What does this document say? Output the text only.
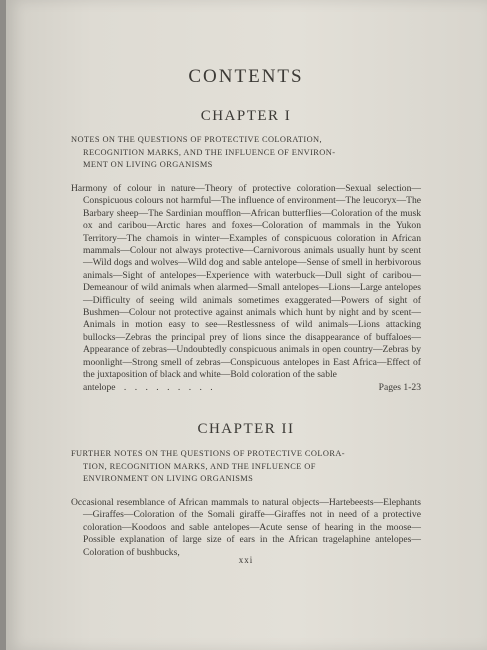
CONTENTS
CHAPTER I
NOTES ON THE QUESTIONS OF PROTECTIVE COLORATION,
RECOGNITION MARKS, AND THE INFLUENCE OF ENVIRON-
MENT ON LIVING ORGANISMS
Harmony of colour in nature—Theory of protective coloration—Sexual selection—Conspicuous colours not harmful—The influence of environment—The leucoryx—The Barbary sheep—The Sardinian moufflon—African butterflies—Coloration of the musk ox and caribou—Arctic hares and foxes—Coloration of mammals in the Yukon Territory—The chamois in winter—Examples of conspicuous coloration in African mammals—Colour not always protective—Carnivorous animals usually hunt by scent—Wild dogs and wolves—Wild dog and sable antelope—Sense of smell in herbivorous animals—Sight of antelopes—Experience with waterbuck—Dull sight of caribou—Demeanour of wild animals when alarmed—Small antelopes—Lions—Large antelopes—Difficulty of seeing wild animals sometimes exaggerated—Powers of sight of Bushmen—Colour not protective against animals which hunt by night and by scent—Animals in motion easy to see—Restlessness of wild animals—Lions attacking bullocks—Zebras the principal prey of lions since the disappearance of buffaloes—Appearance of zebras—Undoubtedly conspicuous animals in open country—Zebras by moonlight—Strong smell of zebras—Conspicuous antelopes in East Africa—Effect of the juxtaposition of black and white—Bold coloration of the sable
antelope . . . . . . . . .	Pages 1-23
CHAPTER II
FURTHER NOTES ON THE QUESTIONS OF PROTECTIVE COLORA-
TION, RECOGNITION MARKS, AND THE INFLUENCE OF
ENVIRONMENT ON LIVING ORGANISMS
Occasional resemblance of African mammals to natural objects—Hartebeests—Elephants—Giraffes—Coloration of the Somali giraffe—Giraffes not in need of a protective coloration—Koodoos and sable antelopes—Acute sense of hearing in the moose—Possible explanation of large size of ears in the African tragelaphine antelopes—Coloration of bushbucks,
xxi
